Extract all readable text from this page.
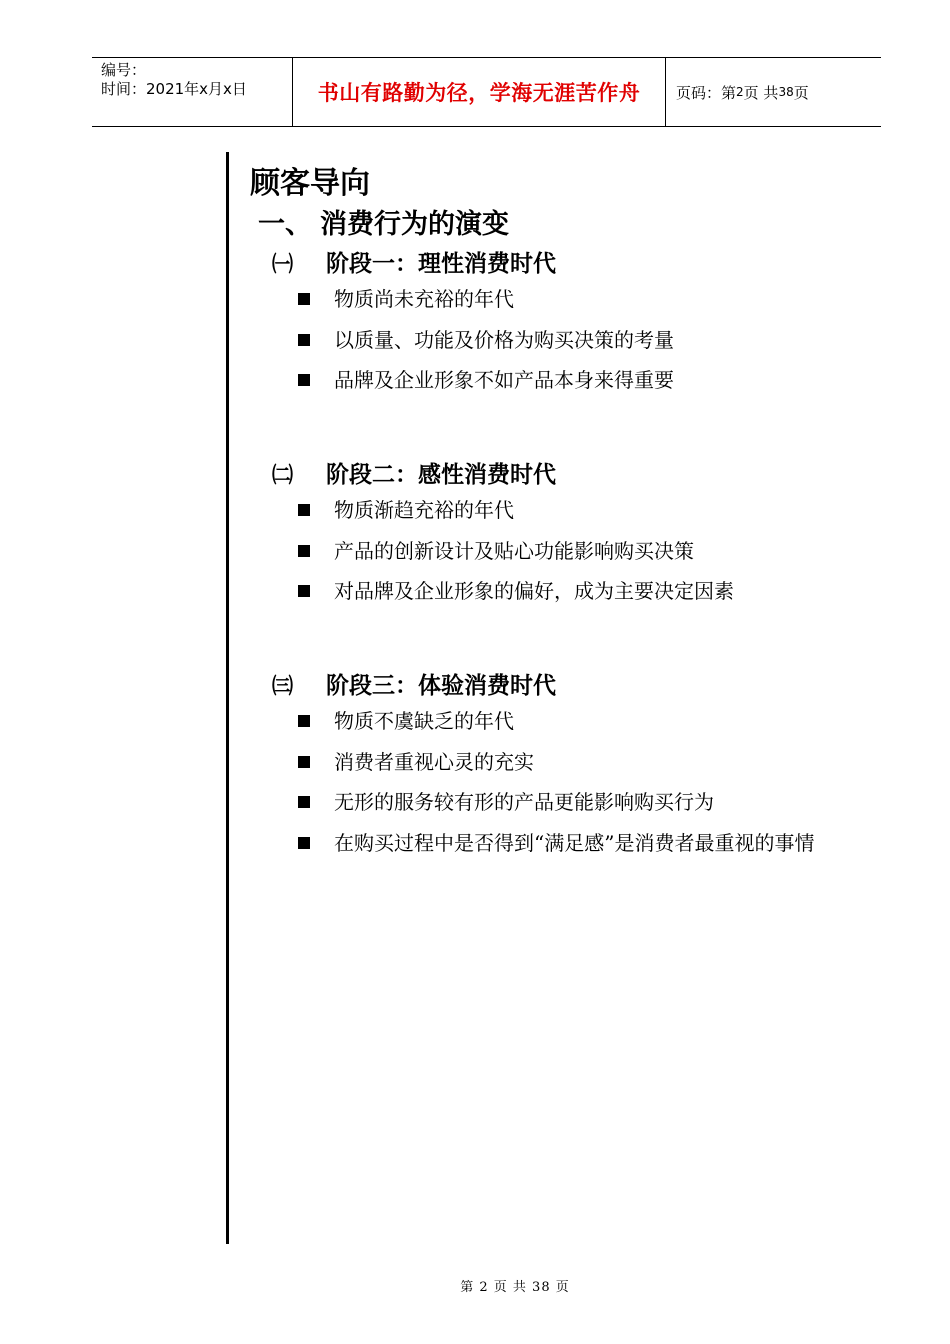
编号：
时间：2021年x月x日	书山有路勤为径，学海无涯苦作舟 页码：第 2 页 共 38 页
顾客导向
一、 消费行为的演变
㈠ 阶段一：理性消费时代
物质尚未充裕的年代
以质量、功能及价格为购买决策的考量
品牌及企业形象不如产品本身来得重要
㈡ 阶段二：感性消费时代
物质渐趋充裕的年代
产品的创新设计及贴心功能影响购买决策
对品牌及企业形象的偏好，成为主要决定因素
㈢ 阶段三：体验消费时代
物质不虞缺乏的年代
消费者重视心灵的充实
无形的服务较有形的产品更能影响购买行为
在购买过程中是否得到“满足感”是消费者最重视的事情
第 2 页 共 38 页
